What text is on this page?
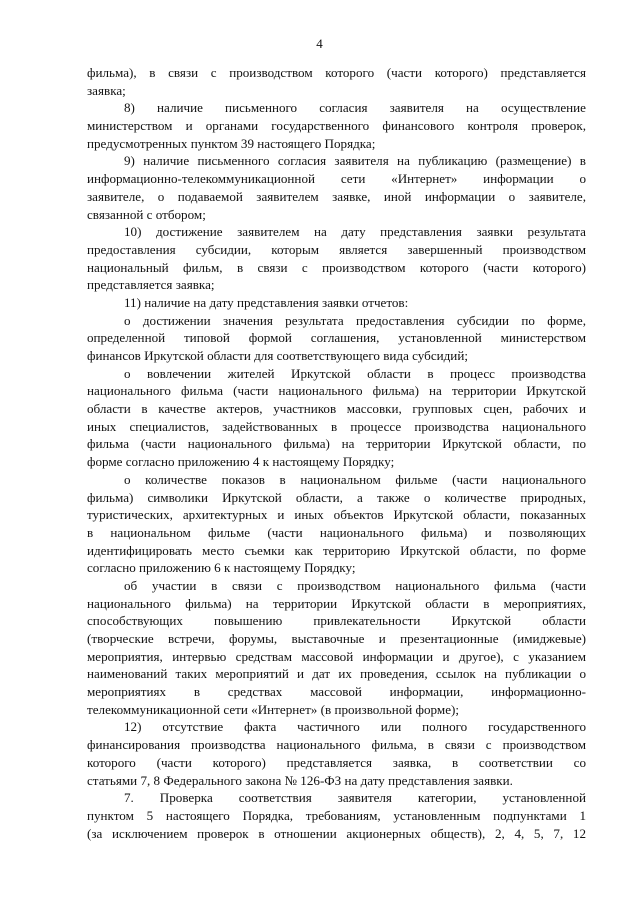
4
фильма), в связи с производством которого (части которого) представляется
заявка;
8) наличие письменного согласия заявителя на осуществление
министерством и органами государственного финансового контроля проверок,
предусмотренных пунктом 39 настоящего Порядка;
9) наличие письменного согласия заявителя на публикацию (размещение) в
информационно-телекоммуникационной сети «Интернет» информации о
заявителе, о подаваемой заявителем заявке, иной информации о заявителе,
связанной с отбором;
10) достижение заявителем на дату представления заявки результата
предоставления субсидии, которым является завершенный производством
национальный фильм, в связи с производством которого (части которого)
представляется заявка;
11) наличие на дату представления заявки отчетов:
о достижении значения результата предоставления субсидии по форме,
определенной типовой формой соглашения, установленной министерством
финансов Иркутской области для соответствующего вида субсидий;
о вовлечении жителей Иркутской области в процесс производства
национального фильма (части национального фильма) на территории Иркутской
области в качестве актеров, участников массовки, групповых сцен, рабочих и
иных специалистов, задействованных в процессе производства национального
фильма (части национального фильма) на территории Иркутской области, по
форме согласно приложению 4 к настоящему Порядку;
о количестве показов в национальном фильме (части национального
фильма) символики Иркутской области, а также о количестве природных,
туристических, архитектурных и иных объектов Иркутской области, показанных
в национальном фильме (части национального фильма) и позволяющих
идентифицировать место съемки как территорию Иркутской области, по форме
согласно приложению 6 к настоящему Порядку;
об участии в связи с производством национального фильма (части
национального фильма) на территории Иркутской области в мероприятиях,
способствующих повышению привлекательности Иркутской области
(творческие встречи, форумы, выставочные и презентационные (имиджевые)
мероприятия, интервью средствам массовой информации и другое), с указанием
наименований таких мероприятий и дат их проведения, ссылок на публикации о
мероприятиях в средствах массовой информации, информационно-
телекоммуникационной сети «Интернет» (в произвольной форме);
12) отсутствие факта частичного или полного государственного
финансирования производства национального фильма, в связи с производством
которого (части которого) представляется заявка, в соответствии со
статьями 7, 8 Федерального закона № 126-ФЗ на дату представления заявки.
7. Проверка соответствия заявителя категории, установленной
пунктом 5 настоящего Порядка, требованиям, установленным подпунктами 1
(за исключением проверок в отношении акционерных обществ), 2, 4, 5, 7, 12
